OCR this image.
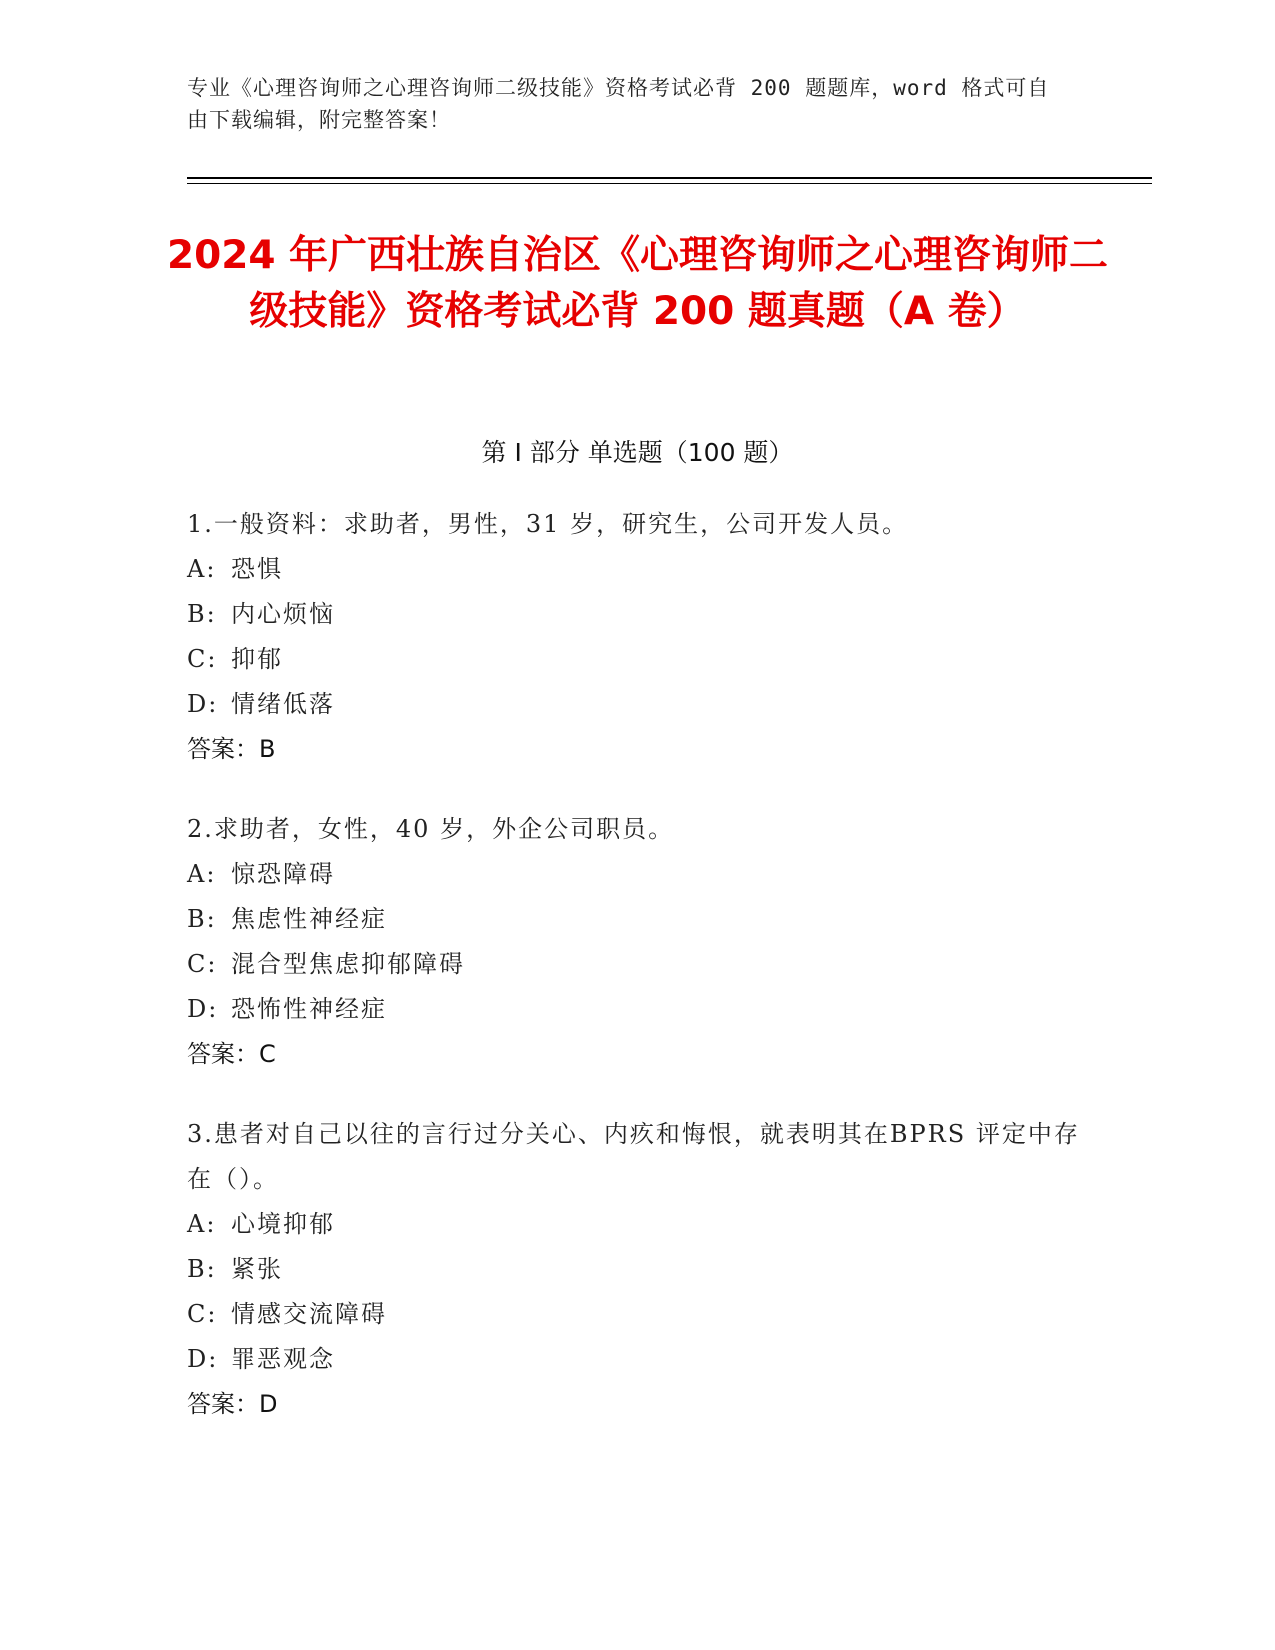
专业《心理咨询师之心理咨询师二级技能》资格考试必背 200 题题库，word 格式可自由下载编辑，附完整答案！
2024 年广西壮族自治区《心理咨询师之心理咨询师二级技能》资格考试必背 200 题真题（A 卷）
第 I 部分 单选题（100 题）
1.一般资料：求助者，男性，31 岁，研究生，公司开发人员。
A: 恐惧
B: 内心烦恼
C: 抑郁
D: 情绪低落
答案：B
2.求助者，女性，40 岁，外企公司职员。
A: 惊恐障碍
B: 焦虑性神经症
C: 混合型焦虑抑郁障碍
D: 恐怖性神经症
答案：C
3.患者对自己以往的言行过分关心、内疚和悔恨，就表明其在BPRS 评定中存在（）。
A: 心境抑郁
B: 紧张
C: 情感交流障碍
D: 罪恶观念
答案：D
